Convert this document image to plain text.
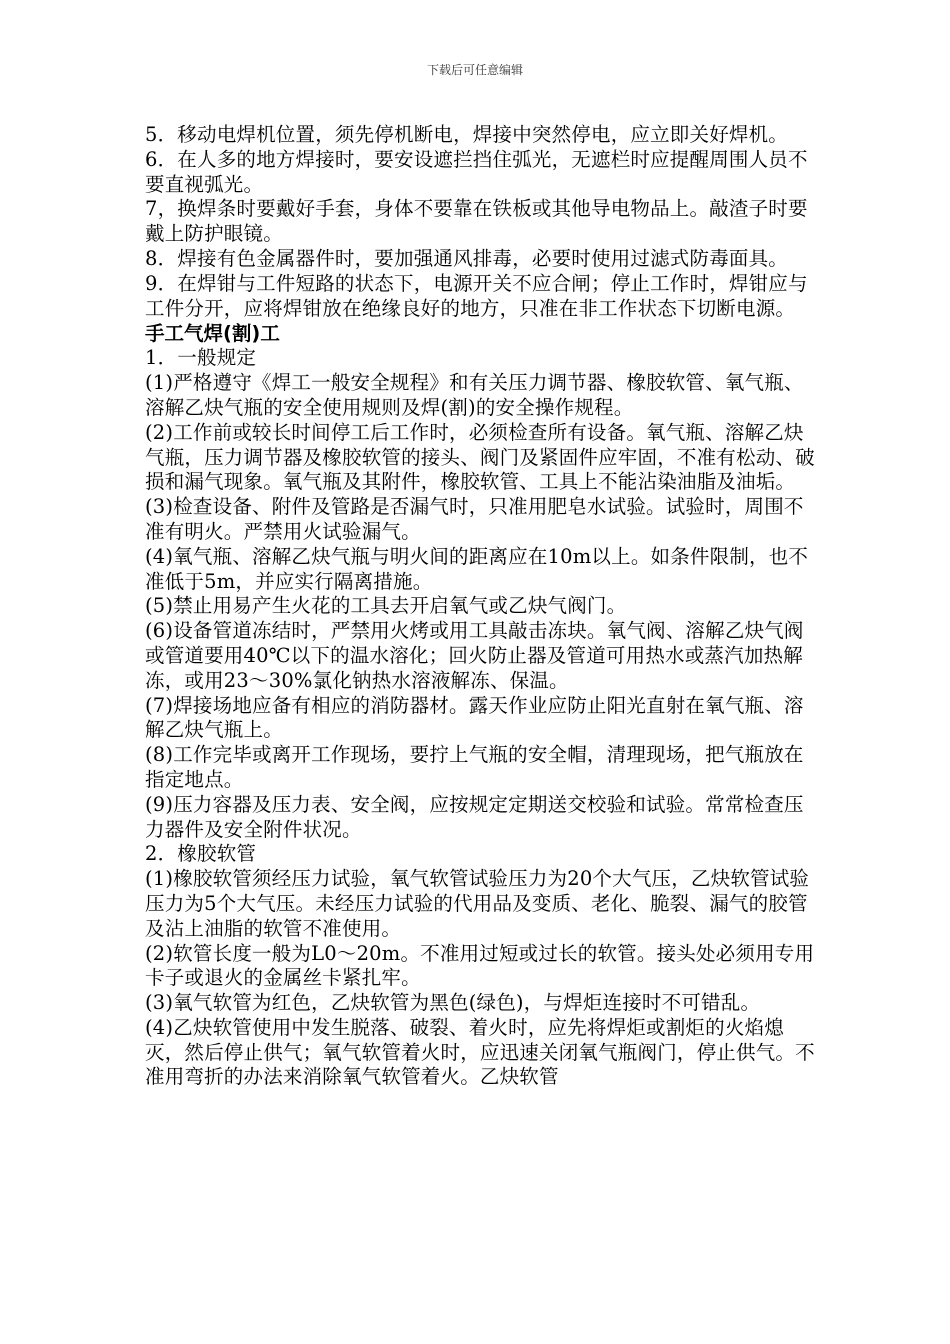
下载后可任意编辑

5．移动电焊机位置，须先停机断电，焊接中突然停电，应立即关好焊机。

6．在人多的地方焊接时，要安设遮拦挡住弧光，无遮栏时应提醒周围人员不要直视弧光。

7，换焊条时要戴好手套，身体不要靠在铁板或其他导电物品上。敲渣子时要戴上防护眼镜。

8．焊接有色金属器件时，要加强通风排毒，必要时使用过滤式防毒面具。

9．在焊钳与工件短路的状态下，电源开关不应合闸；停止工作时，焊钳应与工件分开，应将焊钳放在绝缘良好的地方，只准在非工作状态下切断电源。

手工气焊(割)工

1．一般规定

(1)严格遵守《焊工一般安全规程》和有关压力调节器、橡胶软管、氧气瓶、溶解乙炔气瓶的安全使用规则及焊(割)的安全操作规程。

(2)工作前或较长时间停工后工作时，必须检查所有设备。氧气瓶、溶解乙炔气瓶，压力调节器及橡胶软管的接头、阀门及紧固件应牢固，不准有松动、破损和漏气现象。氧气瓶及其附件，橡胶软管、工具上不能沾染油脂及油垢。

(3)检查设备、附件及管路是否漏气时，只准用肥皂水试验。试验时，周围不准有明火。严禁用火试验漏气。

(4)氧气瓶、溶解乙炔气瓶与明火间的距离应在10m以上。如条件限制，也不准低于5m，并应实行隔离措施。

(5)禁止用易产生火花的工具去开启氧气或乙炔气阀门。

(6)设备管道冻结时，严禁用火烤或用工具敲击冻块。氧气阀、溶解乙炔气阀或管道要用40℃以下的温水溶化；回火防止器及管道可用热水或蒸汽加热解冻，或用23～30%氯化钠热水溶液解冻、保温。

(7)焊接场地应备有相应的消防器材。露天作业应防止阳光直射在氧气瓶、溶解乙炔气瓶上。

(8)工作完毕或离开工作现场，要拧上气瓶的安全帽，清理现场，把气瓶放在指定地点。

(9)压力容器及压力表、安全阀，应按规定定期送交校验和试验。常常检查压力器件及安全附件状况。

2．橡胶软管

(1)橡胶软管须经压力试验，氧气软管试验压力为20个大气压，乙炔软管试验压力为5个大气压。未经压力试验的代用品及变质、老化、脆裂、漏气的胶管及沾上油脂的软管不准使用。

(2)软管长度一般为L0～20m。不准用过短或过长的软管。接头处必须用专用卡子或退火的金属丝卡紧扎牢。

(3)氧气软管为红色，乙炔软管为黑色(绿色)，与焊炬连接时不可错乱。

(4)乙炔软管使用中发生脱落、破裂、着火时，应先将焊炬或割炬的火焰熄灭，然后停止供气；氧气软管着火时，应迅速关闭氧气瓶阀门，停止供气。不准用弯折的办法来消除氧气软管着火。乙炔软管
